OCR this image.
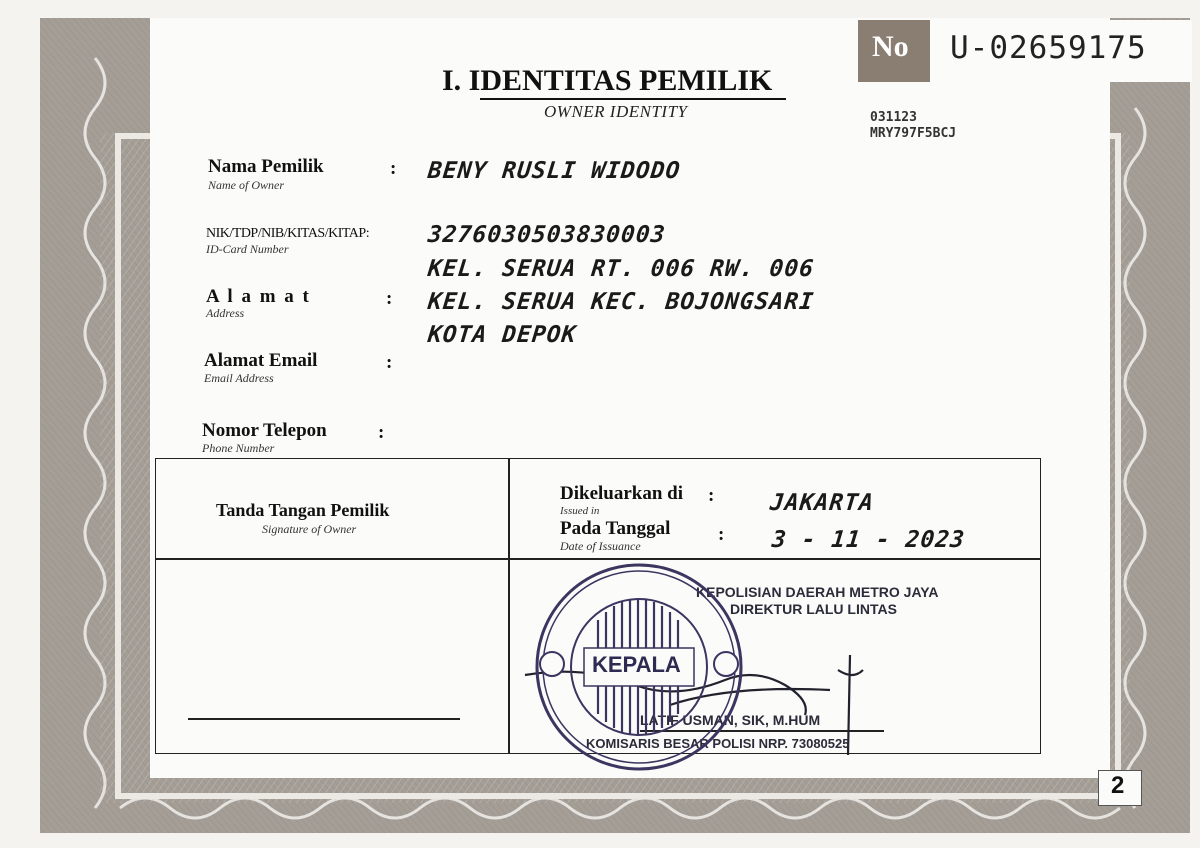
No U-02659175
I. IDENTITAS PEMILIK
OWNER IDENTITY	031123
MRY797F5BCJ
Nama Pemilik
Name of Owner
: BENY RUSLI WIDODO
NIK/TDP/NIB/KITAS/KITAP:
ID-Card Number
3276030503830003
KEL. SERUA RT. 006 RW. 006
A l a m a t
Address
: KEL. SERUA KEC. BOJONGSARI
KOTA DEPOK
Alamat Email
Email Address
:
Nomor Telepon	:
Phone Number
Tanda Tangan Pemilik
Signature of Owner
Dikeluarkan di :
Issued in	JAKARTA
Pada Tanggal	:
Date of Issuance	3 - 11 - 2023
KEPOLISIAN DAERAH METRO JAYA
DIREKTUR LALU LINTAS
LATIF USMAN, SIK, M.HUM
KOMISARIS BESAR POLISI NRP. 73080525
KEPALA
2
